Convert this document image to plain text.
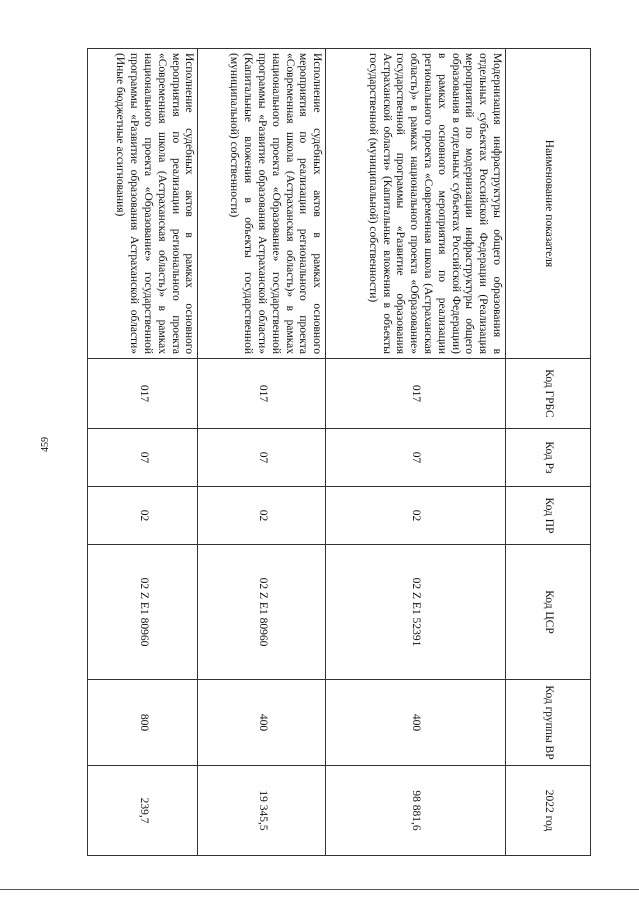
459
Наименование показателя	Код ГРБС	Код Рз	Код ПР	Код ЦСР	Код группы ВР	2022 год
Модернизация инфраструктуры общего образования в отдельных субъектах Российской Федерации (Реализация мероприятий по модернизации инфраструктуры общего образования в отдельных субъектах Российской Федерации) в рамках основного мероприятия по реализации регионального проекта «Современная школа (Астраханская область)» в рамках национального проекта «Образование» государственной программы «Развитие образования Астраханской области» (Капитальные вложения в объекты государственной (муниципальной) собственности)	017	07	02	02 Z E1 52391	400	98 881,6
Исполнение судебных актов в рамках основного мероприятия по реализации регионального проекта «Современная школа (Астраханская область)» в рамках национального проекта «Образование» государственной программы «Развитие образования Астраханской области» (Капитальные вложения в объекты государственной (муниципальной) собственности)	017	07	02	02 Z E1 80960	400	19 345,5
Исполнение судебных актов в рамках основного мероприятия по реализации регионального проекта «Современная школа (Астраханская область)» в рамках национального проекта «Образование» государственной программы «Развитие образования Астраханской области» (Иные бюджетные ассигнования)	017	07	02	02 Z E1 80960	800	239,7
